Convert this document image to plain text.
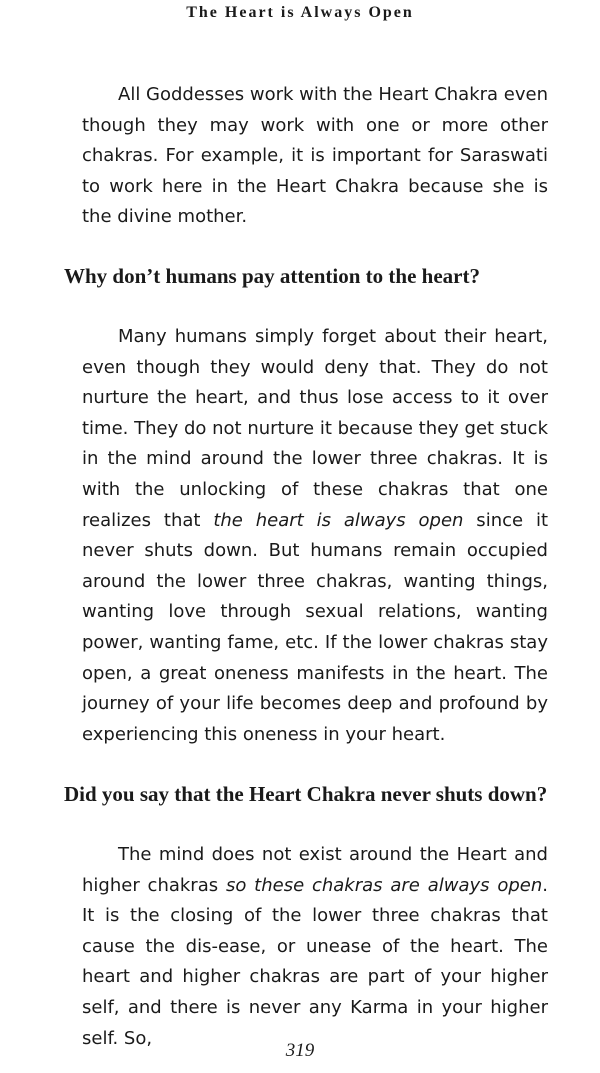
The Heart is Always Open

All Goddesses work with the Heart Chakra even though they may work with one or more other chakras. For example, it is important for Saraswati to work here in the Heart Chakra because she is the divine mother.

Why don’t humans pay attention to the heart?

Many humans simply forget about their heart, even though they would deny that. They do not nurture the heart, and thus lose access to it over time. They do not nurture it because they get stuck in the mind around the lower three chakras. It is with the unlocking of these chakras that one realizes that the heart is always open since it never shuts down. But humans remain occupied around the lower three chakras, wanting things, wanting love through sexual relations, wanting power, wanting fame, etc. If the lower chakras stay open, a great oneness manifests in the heart. The journey of your life becomes deep and profound by experiencing this oneness in your heart.

Did you say that the Heart Chakra never shuts down?

The mind does not exist around the Heart and higher chakras so these chakras are always open. It is the closing of the lower three chakras that cause the dis-ease, or unease of the heart. The heart and higher chakras are part of your higher self, and there is never any Karma in your higher self. So,

319
